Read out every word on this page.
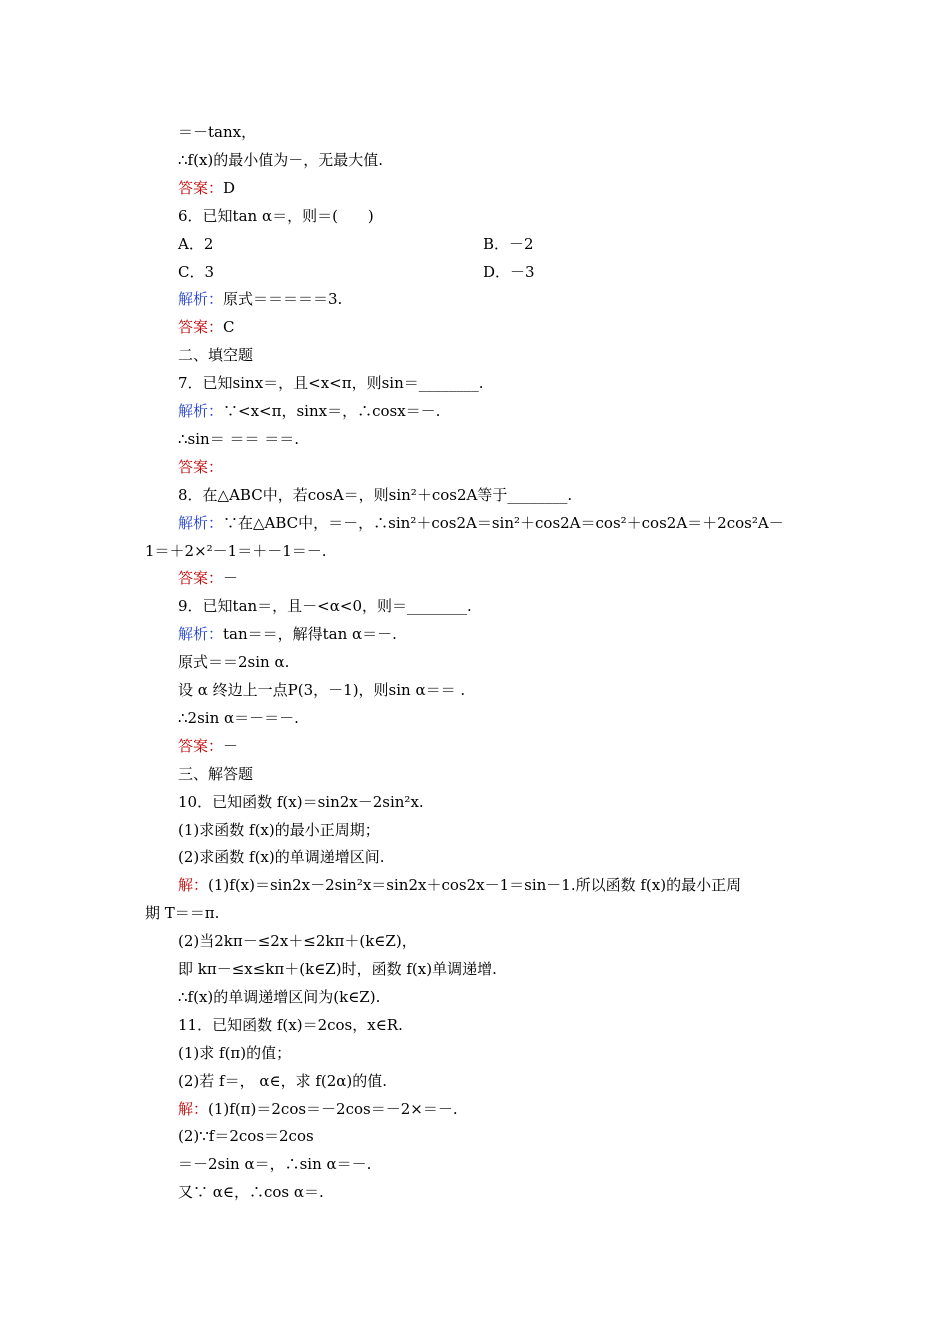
＝－tanx，
∴f(x)的最小值为－，无最大值.
答案：D
6．已知tan α＝，则＝(　　)
A．2	B．－2
C．3	D．－3
解析：原式＝＝＝＝＝3.
答案：C
二、填空题
7．已知sinx＝，且<x<π，则sin＝________.
解析：∵<x<π，sinx＝，∴cosx＝－.
∴sin＝ ＝＝ ＝＝.
答案：
8．在△ABC中，若cosA＝，则sin²＋cos2A等于________.
解析：∵在△ABC中，＝－，∴sin²＋cos2A＝sin²＋cos2A＝cos²＋cos2A＝＋2cos²A－
1＝＋2×²－1＝＋－1＝－.
答案：－
9．已知tan＝，且－<α<0，则＝________.
解析：tan＝＝，解得tan α＝－.
原式＝＝2sin α.
设 α 终边上一点P(3，－1)，则sin α＝＝ .
∴2sin α＝－＝－.
答案：－
三、解答题
10．已知函数 f(x)＝sin2x－2sin²x.
(1)求函数 f(x)的最小正周期；
(2)求函数 f(x)的单调递增区间.
解：(1)f(x)＝sin2x－2sin²x＝sin2x＋cos2x－1＝sin－1.所以函数 f(x)的最小正周
期 T＝＝π.
(2)当2kπ－≤2x＋≤2kπ＋(k∈Z)，
即 kπ－≤x≤kπ＋(k∈Z)时，函数 f(x)单调递增.
∴f(x)的单调递增区间为(k∈Z).
11．已知函数 f(x)＝2cos，x∈R.
(1)求 f(π)的值；
(2)若 f＝， α∈，求 f(2α)的值.
解：(1)f(π)＝2cos＝－2cos＝－2×＝－.
(2)∵f＝2cos＝2cos
＝－2sin α＝，∴sin α＝－.
又∵ α∈，∴cos α＝.
